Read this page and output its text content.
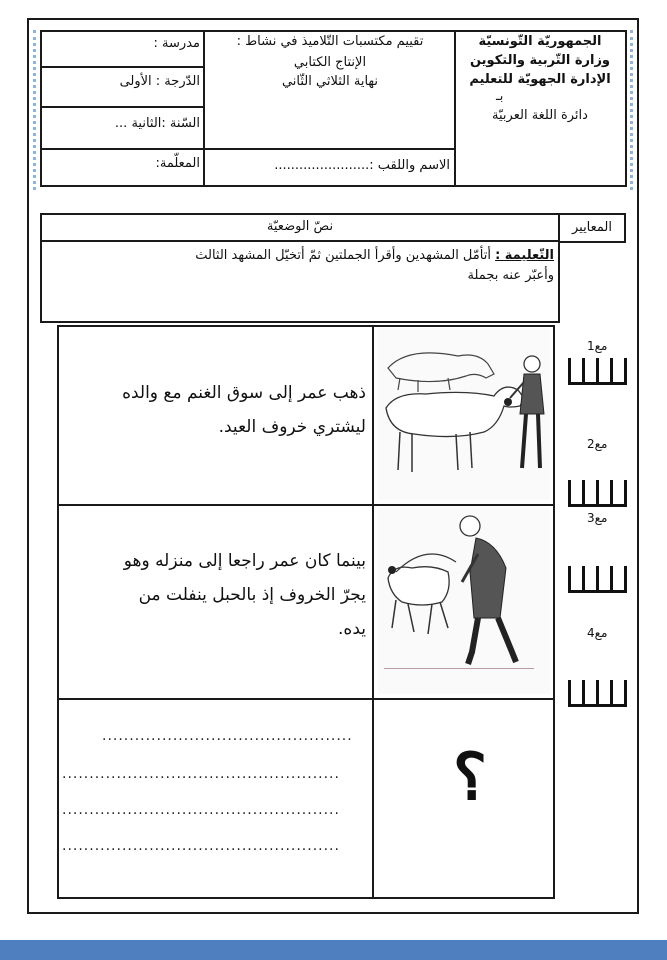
الجمهوريّة التّونسيّة
وزارة التّربية والتكوين
الإدارة الجهويّة للتعليم
بـ
دائرة اللغة العربيّة
تقييم مكتسبات التّلاميذ في نشاط :
الإنتاج الكتابي
نهاية الثلاثي الثّاني
الاسم واللقب :.......................
مدرسة :
الدّرجة : الأولى
السّنة :الثانية ...
المعلّمة:
المعايير
نصّ الوضعيّة
التّعليمة : أتأمّل المشهدين وأقرأ الجملتين ثمّ أتخيّل المشهد الثالث
وأعبّر عنه بجملة
ذهب عمر إلى سوق الغنم مع والده
ليشتري خروف العيد.
بينما كان عمر راجعا إلى منزله وهو
يجرّ الخروف إذ بالحبل ينفلت من
يده.
..............................................
...................................................
...................................................
...................................................
؟
مع1
مع2
مع3
مع4
